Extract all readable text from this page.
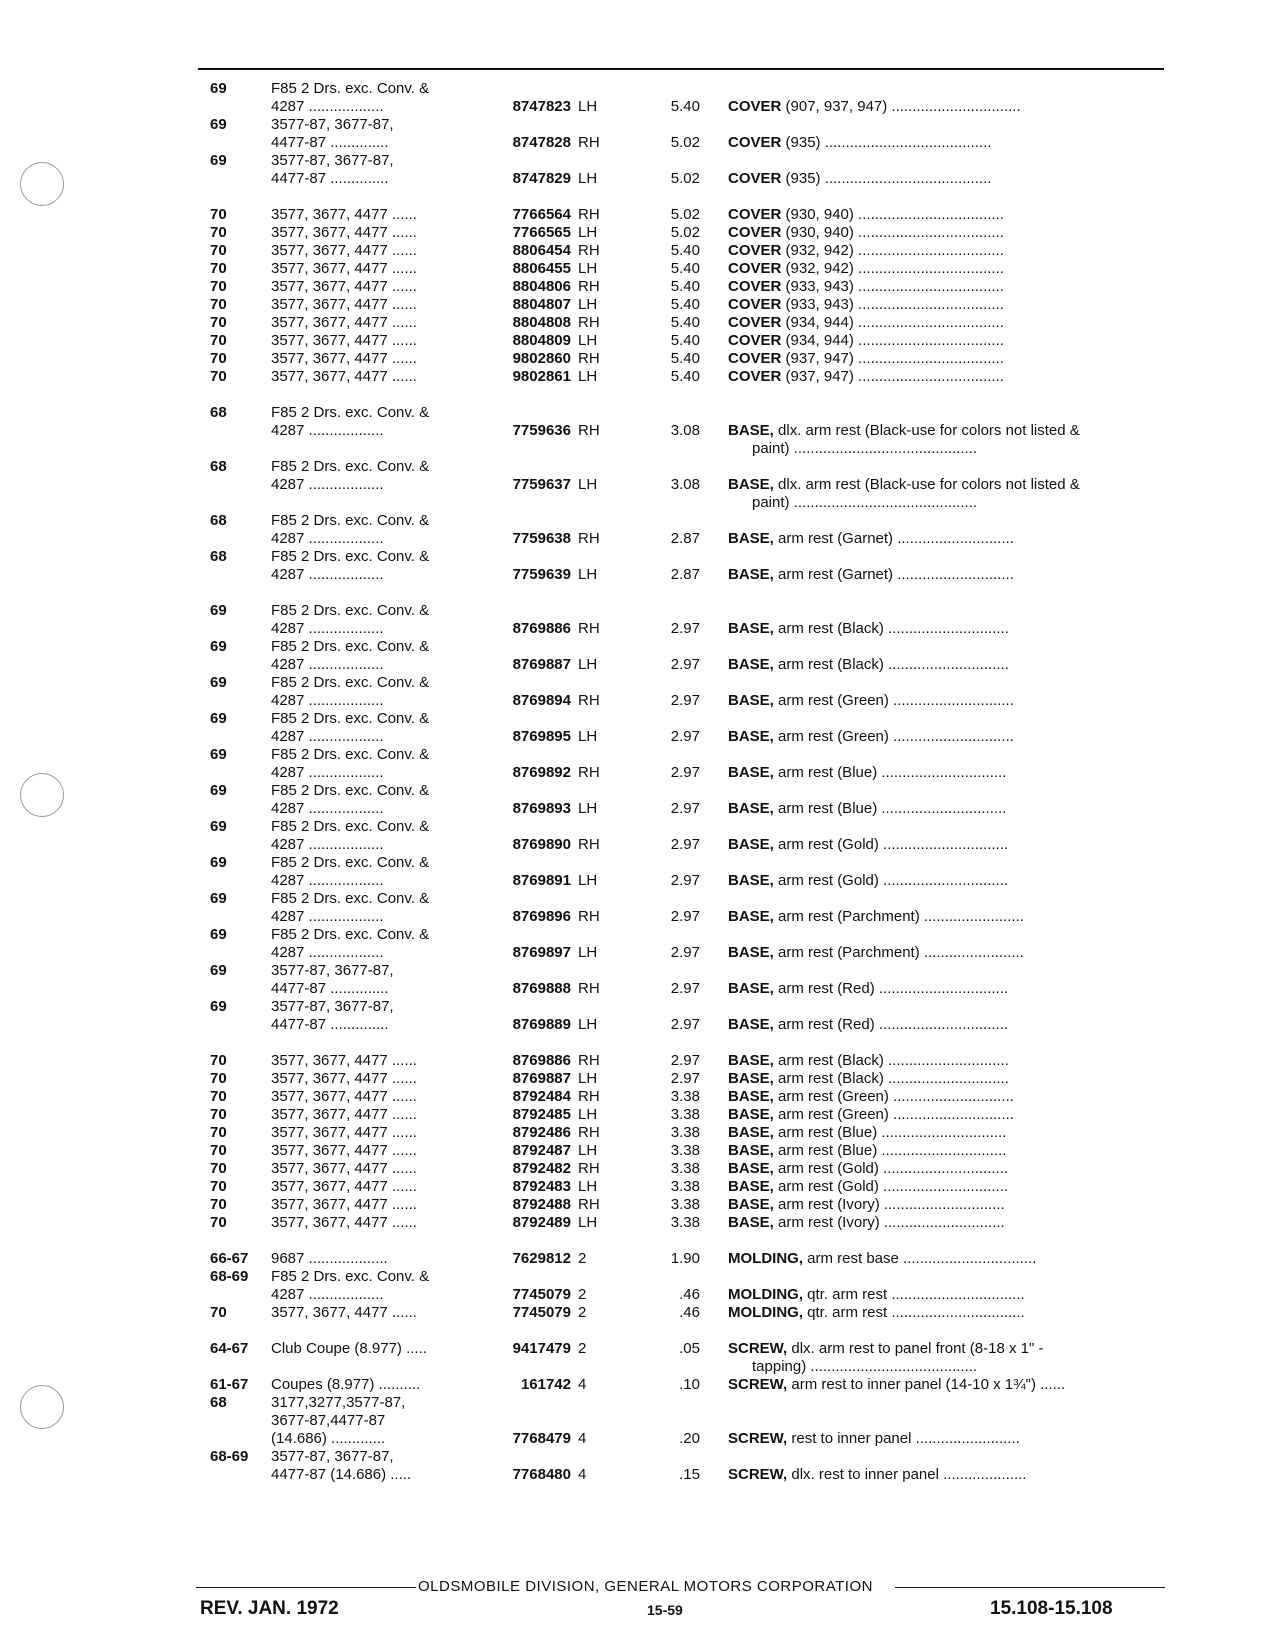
69	F85 2 Drs. exc. Conv. &
4287 ..................	8747823 LH	5.40 COVER (907, 937, 947) ...............................
69	3577-87, 3677-87,
4477-87 ..............	8747828 RH	5.02 COVER (935) ........................................
69	3577-87, 3677-87,
4477-87 ..............	8747829 LH	5.02 COVER (935) ........................................
70	3577, 3677, 4477 ......	7766564 RH	5.02 COVER (930, 940) ...................................
70	3577, 3677, 4477 ......	7766565 LH	5.02 COVER (930, 940) ...................................
70	3577, 3677, 4477 ......	8806454 RH	5.40 COVER (932, 942) ...................................
70	3577, 3677, 4477 ......	8806455 LH	5.40 COVER (932, 942) ...................................
70	3577, 3677, 4477 ......	8804806 RH	5.40 COVER (933, 943) ...................................
70	3577, 3677, 4477 ......	8804807 LH	5.40 COVER (933, 943) ...................................
70	3577, 3677, 4477 ......	8804808 RH	5.40 COVER (934, 944) ...................................
70	3577, 3677, 4477 ......	8804809 LH	5.40 COVER (934, 944) ...................................
70	3577, 3677, 4477 ......	9802860 RH	5.40 COVER (937, 947) ...................................
70	3577, 3677, 4477 ......	9802861 LH	5.40 COVER (937, 947) ...................................
68	F85 2 Drs. exc. Conv. &
4287 ..................	7759636 RH	3.08 BASE, dlx. arm rest (Black-use for colors not listed &
paint) ............................................
68	F85 2 Drs. exc. Conv. &
4287 ..................	7759637 LH	3.08 BASE, dlx. arm rest (Black-use for colors not listed &
paint) ............................................
68	F85 2 Drs. exc. Conv. &
4287 ..................	7759638 RH	2.87 BASE, arm rest (Garnet) ............................
68	F85 2 Drs. exc. Conv. &
4287 ..................	7759639 LH	2.87 BASE, arm rest (Garnet) ............................
69	F85 2 Drs. exc. Conv. &
4287 ..................	8769886 RH	2.97 BASE, arm rest (Black) .............................
69	F85 2 Drs. exc. Conv. &
4287 ..................	8769887 LH	2.97 BASE, arm rest (Black) .............................
69	F85 2 Drs. exc. Conv. &
4287 ..................	8769894 RH	2.97 BASE, arm rest (Green) .............................
69	F85 2 Drs. exc. Conv. &
4287 ..................	8769895 LH	2.97 BASE, arm rest (Green) .............................
69	F85 2 Drs. exc. Conv. &
4287 ..................	8769892 RH	2.97 BASE, arm rest (Blue) ..............................
69	F85 2 Drs. exc. Conv. &
4287 ..................	8769893 LH	2.97 BASE, arm rest (Blue) ..............................
69	F85 2 Drs. exc. Conv. &
4287 ..................	8769890 RH	2.97 BASE, arm rest (Gold) ..............................
69	F85 2 Drs. exc. Conv. &
4287 ..................	8769891 LH	2.97 BASE, arm rest (Gold) ..............................
69	F85 2 Drs. exc. Conv. &
4287 ..................	8769896 RH	2.97 BASE, arm rest (Parchment) ........................
69	F85 2 Drs. exc. Conv. &
4287 ..................	8769897 LH	2.97 BASE, arm rest (Parchment) ........................
69	3577-87, 3677-87,
4477-87 ..............	8769888 RH	2.97 BASE, arm rest (Red) ...............................
69	3577-87, 3677-87,
4477-87 ..............	8769889 LH	2.97 BASE, arm rest (Red) ...............................
70	3577, 3677, 4477 ......	8769886 RH	2.97 BASE, arm rest (Black) .............................
70	3577, 3677, 4477 ......	8769887 LH	2.97 BASE, arm rest (Black) .............................
70	3577, 3677, 4477 ......	8792484 RH	3.38 BASE, arm rest (Green) .............................
70	3577, 3677, 4477 ......	8792485 LH	3.38 BASE, arm rest (Green) .............................
70	3577, 3677, 4477 ......	8792486 RH	3.38 BASE, arm rest (Blue) ..............................
70	3577, 3677, 4477 ......	8792487 LH	3.38 BASE, arm rest (Blue) ..............................
70	3577, 3677, 4477 ......	8792482 RH	3.38 BASE, arm rest (Gold) ..............................
70	3577, 3677, 4477 ......	8792483 LH	3.38 BASE, arm rest (Gold) ..............................
70	3577, 3677, 4477 ......	8792488 RH	3.38 BASE, arm rest (Ivory) .............................
70	3577, 3677, 4477 ......	8792489 LH	3.38 BASE, arm rest (Ivory) .............................
66-67 9687 ...................	7629812 2	1.90 MOLDING, arm rest base ................................
68-69 F85 2 Drs. exc. Conv. &
4287 ..................	7745079 2	.46 MOLDING, qtr. arm rest ................................
70	3577, 3677, 4477 ......	7745079 2	.46 MOLDING, qtr. arm rest ................................
64-67 Club Coupe (8.977) .....	9417479 2	.05 SCREW, dlx. arm rest to panel front (8-18 x 1" -
tapping) ........................................
61-67 Coupes (8.977) ..........	161742 4	.10 SCREW, arm rest to inner panel (14-10 x 1¾") ......
68	3177,3277,3577-87,
3677-87,4477-87
(14.686) .............	7768479 4	.20 SCREW, rest to inner panel .........................
68-69 3577-87, 3677-87,
4477-87 (14.686) .....	7768480 4	.15 SCREW, dlx. rest to inner panel ....................
OLDSMOBILE DIVISION, GENERAL MOTORS CORPORATION
REV. JAN. 1972	15-59	15.108-15.108
